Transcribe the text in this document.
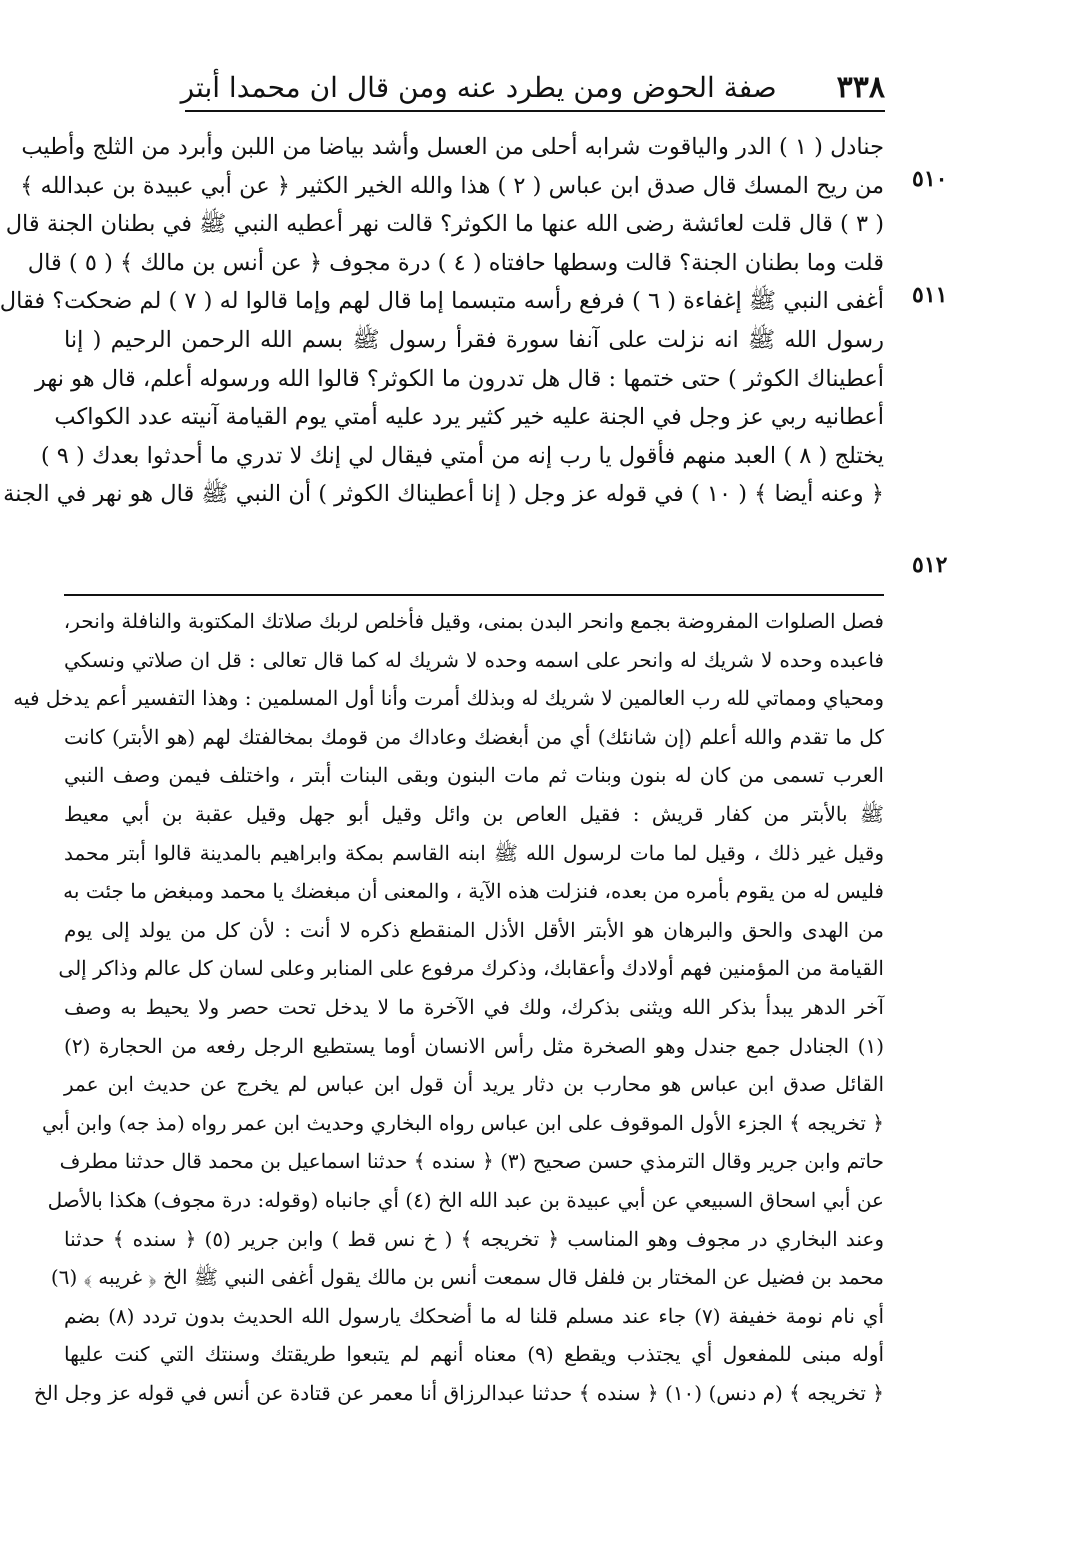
٣٣٨
صفة الحوض ومن يطرد عنه ومن قال ان محمدا أبتر
٥١٠
٥١١
٥١٢
جنادل ( ١ ) الدر والياقوت شرابه أحلى من العسل وأشد بياضا من اللبن وأبرد من الثلج وأطيب
من ريح المسك قال صدق ابن عباس ( ٢ ) هذا والله الخير الكثير ﴿ عن أبي عبيدة بن عبدالله ﴾
( ٣ ) قال قلت لعائشة رضى الله عنها ما الكوثر؟ قالت نهر أعطيه النبي ﷺ في بطنان الجنة قال
قلت وما بطنان الجنة؟ قالت وسطها حافتاه ( ٤ ) درة مجوف ﴿ عن أنس بن مالك ﴾ ( ٥ ) قال
أغفى النبي ﷺ إغفاءة ( ٦ ) فرفع رأسه متبسما إما قال لهم وإما قالوا له ( ٧ ) لم ضحكت؟ فقال
رسول الله ﷺ انه نزلت على آنفا سورة فقرأ رسول ﷺ بسم الله الرحمن الرحيم ( إنا
أعطيناك الكوثر ) حتى ختمها : قال هل تدرون ما الكوثر؟ قالوا الله ورسوله أعلم، قال هو نهر
أعطانيه ربي عز وجل في الجنة عليه خير كثير يرد عليه أمتي يوم القيامة آنيته عدد الكواكب
يختلج ( ٨ ) العبد منهم فأقول يا رب إنه من أمتي فيقال لي إنك لا تدري ما أحدثوا بعدك ( ٩ )
﴿ وعنه أيضا ﴾ ( ١٠ ) في قوله عز وجل ( إنا أعطيناك الكوثر ) أن النبي ﷺ قال هو نهر في الجنة
فصل الصلوات المفروضة بجمع وانحر البدن بمنى، وقيل فأخلص لربك صلاتك المكتوبة والنافلة وانحر،
فاعبده وحده لا شريك له وانحر على اسمه وحده لا شريك له كما قال تعالى : قل ان صلاتي ونسكي
ومحياي ومماتي لله رب العالمين لا شريك له وبذلك أمرت وأنا أول المسلمين : وهذا التفسير أعم يدخل فيه
كل ما تقدم والله أعلم (إن شانئك) أي من أبغضك وعاداك من قومك بمخالفتك لهم (هو الأبتر) كانت
العرب تسمى من كان له بنون وبنات ثم مات البنون وبقى البنات أبتر ، واختلف فيمن وصف النبي
ﷺ بالأبتر من كفار قريش : فقيل العاص بن وائل وقيل أبو جهل وقيل عقبة بن أبي معيط
وقيل غير ذلك ، وقيل لما مات لرسول الله ﷺ ابنه القاسم بمكة وابراهيم بالمدينة قالوا أبتر محمد
فليس له من يقوم بأمره من بعده، فنزلت هذه الآية ، والمعنى أن مبغضك يا محمد ومبغض ما جئت به
من الهدى والحق والبرهان هو الأبتر الأقل الأذل المنقطع ذكره لا أنت : لأن كل من يولد إلى يوم
القيامة من المؤمنين فهم أولادك وأعقابك، وذكرك مرفوع على المنابر وعلى لسان كل عالم وذاكر إلى
آخر الدهر يبدأ بذكر الله ويثنى بذكرك، ولك في الآخرة ما لا يدخل تحت حصر ولا يحيط به وصف
(١) الجنادل جمع جندل وهو الصخرة مثل رأس الانسان أوما يستطيع الرجل رفعه من الحجارة (٢)
القائل صدق ابن عباس هو محارب بن دثار يريد أن قول ابن عباس لم يخرج عن حديث ابن عمر
﴿ تخريجه ﴾ الجزء الأول الموقوف على ابن عباس رواه البخاري وحديث ابن عمر رواه (مذ جه) وابن أبي
حاتم وابن جرير وقال الترمذي حسن صحيح (٣) ﴿ سنده ﴾ حدثنا اسماعيل بن محمد قال حدثنا مطرف
عن أبي اسحاق السبيعي عن أبي عبيدة بن عبد الله الخ (٤) أي جانباه (وقوله: درة مجوف) هكذا بالأصل
وعند البخاري در مجوف وهو المناسب ﴿ تخريجه ﴾ ( خ نس قط ) وابن جرير (٥) ﴿ سنده ﴾ حدثنا
محمد بن فضيل عن المختار بن فلفل قال سمعت أنس بن مالك يقول أغفى النبي ﷺ الخ ﴿ غريبه ﴾ (٦)
أي نام نومة خفيفة (٧) جاء عند مسلم قلنا له ما أضحكك يارسول الله الحديث بدون تردد (٨) بضم
أوله مبنى للمفعول أي يجتذب ويقطع (٩) معناه أنهم لم يتبعوا طريقتك وسنتك التي كنت عليها
﴿ تخريجه ﴾ (م دنس) (١٠) ﴿ سنده ﴾ حدثنا عبدالرزاق أنا معمر عن قتادة عن أنس في قوله عز وجل الخ
